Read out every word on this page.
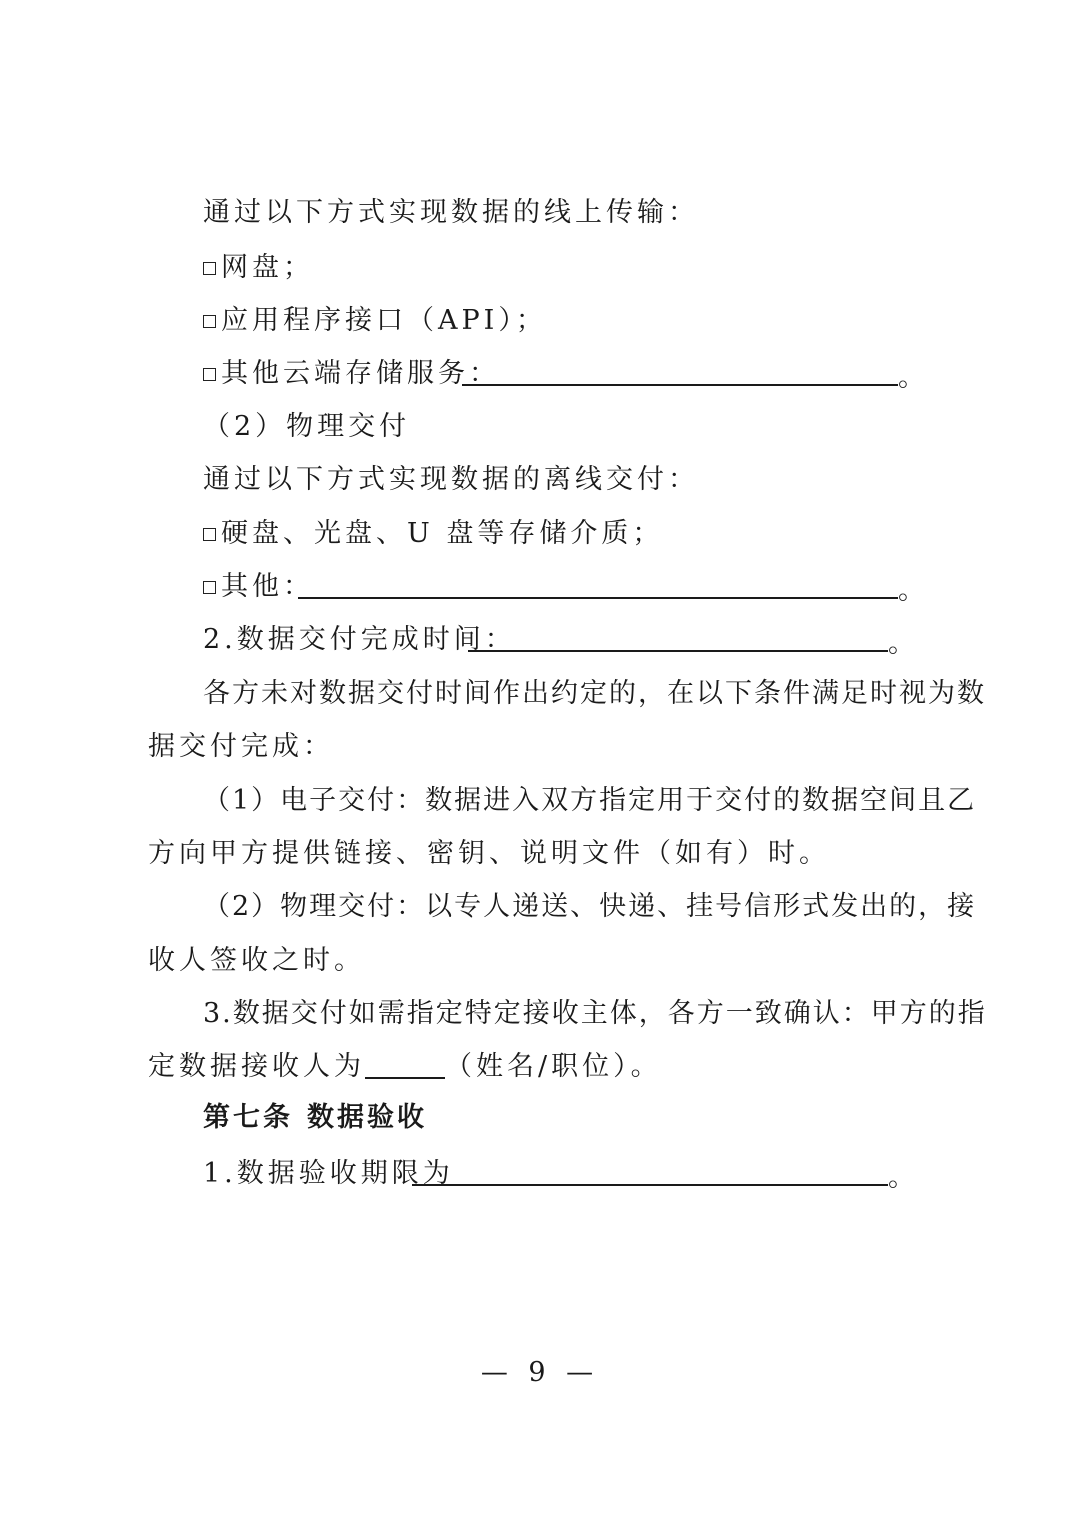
通过以下方式实现数据的线上传输：
网盘；
应用程序接口（API）；
其他云端存储服务：	。
（2）物理交付
通过以下方式实现数据的离线交付：
硬盘、光盘、U 盘等存储介质；
其他：	。
2.数据交付完成时间：	。
各方未对数据交付时间作出约定的，在以下条件满足时视为数
据交付完成：
（1）电子交付：数据进入双方指定用于交付的数据空间且乙
方向甲方提供链接、密钥、说明文件（如有）时。
（2）物理交付：以专人递送、快递、挂号信形式发出的，接
收人签收之时。
3.数据交付如需指定特定接收主体，各方一致确认：甲方的指
定数据接收人为	（姓名/职位）。
第七条 数据验收
1.数据验收期限为	。
— 9 —
